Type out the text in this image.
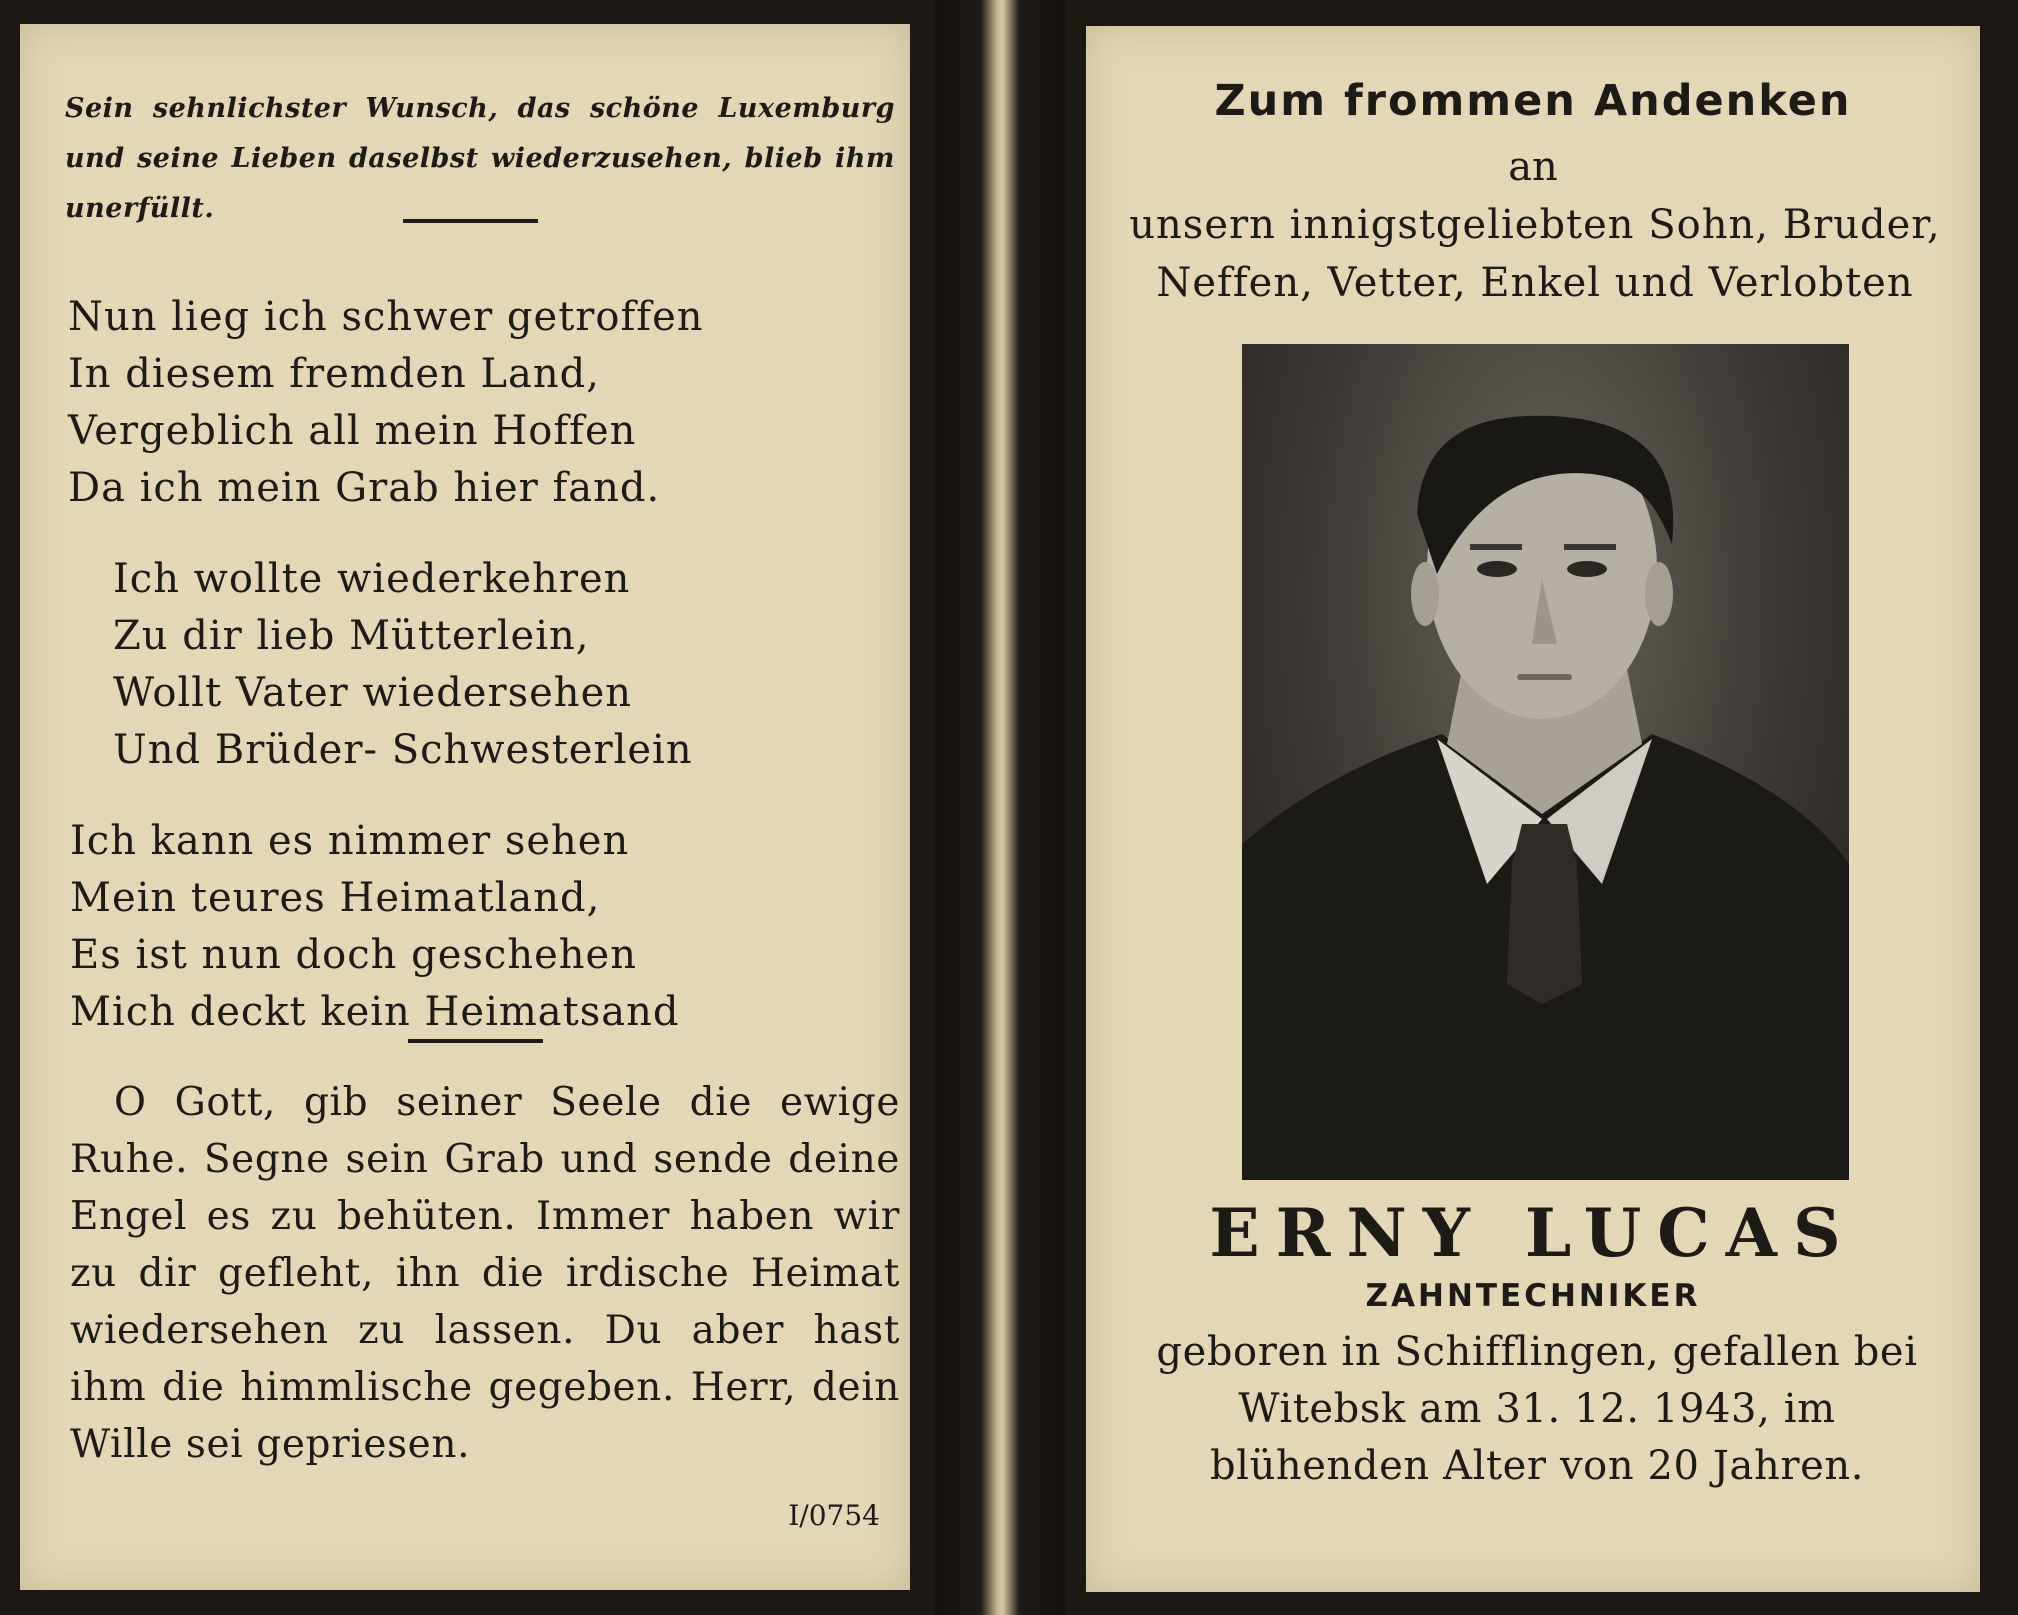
Sein sehnlichster Wunsch, das schöne Luxemburg und seine Lieben daselbst wiederzusehen, blieb ihm unerfüllt.
Nun lieg ich schwer getroffen
In diesem fremden Land,
Vergeblich all mein Hoffen
Da ich mein Grab hier fand.
Ich wollte wiederkehren
Zu dir lieb Mütterlein,
Wollt Vater wiedersehen
Und Brüder- Schwesterlein
Ich kann es nimmer sehen
Mein teures Heimatland,
Es ist nun doch geschehen
Mich deckt kein Heimatsand
O Gott, gib seiner Seele die ewige Ruhe. Segne sein Grab und sende deine Engel es zu behüten. Immer haben wir zu dir gefleht, ihn die irdische Heimat wiedersehen zu lassen. Du aber hast ihm die himmlische gegeben. Herr, dein Wille sei gepriesen.
I/0754
Zum frommen Andenken
an
unsern innigstgeliebten Sohn, Bruder, Neffen, Vetter, Enkel und Verlobten
ERNY LUCAS
ZAHNTECHNIKER
geboren in Schifflingen, gefallen bei Witebsk am 31. 12. 1943, im blühenden Alter von 20 Jahren.
